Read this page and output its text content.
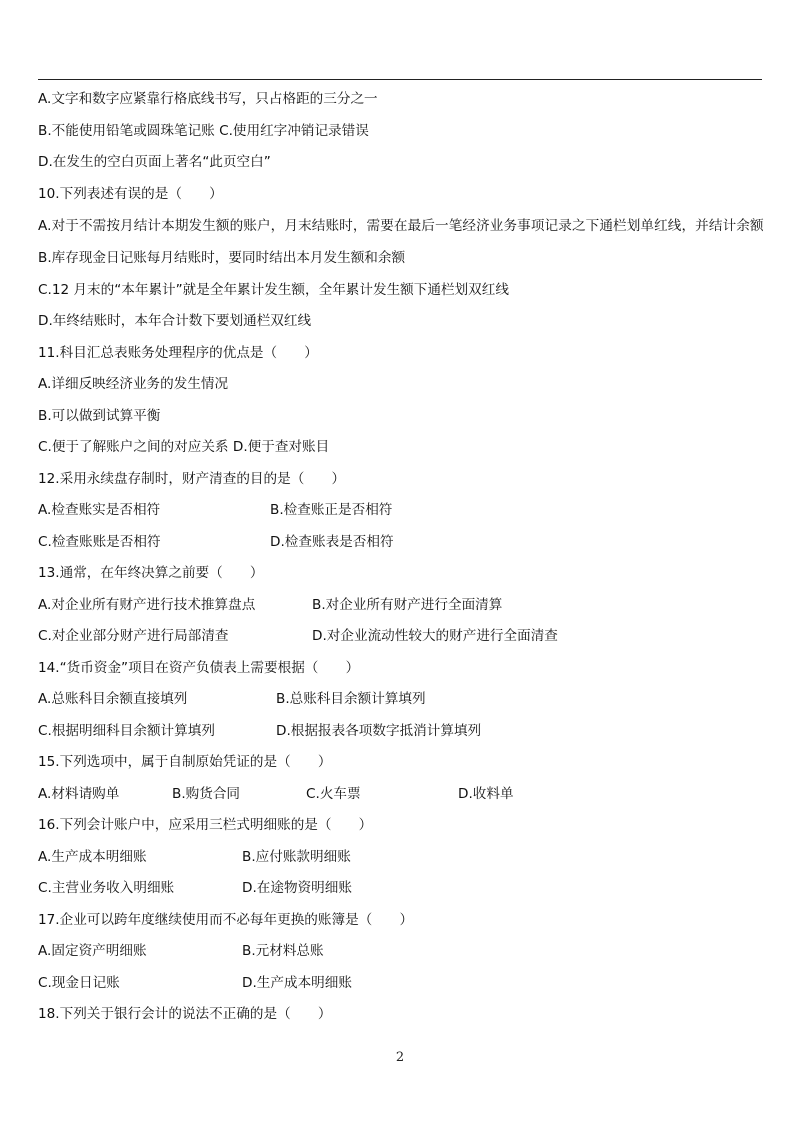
A.文字和数字应紧靠行格底线书写，只占格距的三分之一
B.不能使用铅笔或圆珠笔记账 C.使用红字冲销记录错误
D.在发生的空白页面上著名“此页空白”
10.下列表述有误的是（　　）
A.对于不需按月结计本期发生额的账户，月末结账时，需要在最后一笔经济业务事项记录之下通栏划单红线，并结计余额
B.库存现金日记账每月结账时，要同时结出本月发生额和余额
C.12 月末的“本年累计”就是全年累计发生额，全年累计发生额下通栏划双红线
D.年终结账时，本年合计数下要划通栏双红线
11.科目汇总表账务处理程序的优点是（　　）
A.详细反映经济业务的发生情况
B.可以做到试算平衡
C.便于了解账户之间的对应关系 D.便于查对账目
12.采用永续盘存制时，财产清查的目的是（　　）
A.检查账实是否相符	B.检查账正是否相符
C.检查账账是否相符	D.检查账表是否相符
13.通常，在年终决算之前要（　　）
A.对企业所有财产进行技术推算盘点	B.对企业所有财产进行全面清算
C.对企业部分财产进行局部清查	D.对企业流动性较大的财产进行全面清查
14.“货币资金”项目在资产负债表上需要根据（　　）
A.总账科目余额直接填列	B.总账科目余额计算填列
C.根据明细科目余额计算填列	D.根据报表各项数字抵消计算填列
15.下列选项中，属于自制原始凭证的是（　　）
A.材料请购单	B.购货合同	C.火车票	D.收料单
16.下列会计账户中，应采用三栏式明细账的是（　　）
A.生产成本明细账	B.应付账款明细账
C.主营业务收入明细账	D.在途物资明细账
17.企业可以跨年度继续使用而不必每年更换的账簿是（　　）
A.固定资产明细账	B.元材料总账
C.现金日记账	D.生产成本明细账
18.下列关于银行会计的说法不正确的是（　　）
2
